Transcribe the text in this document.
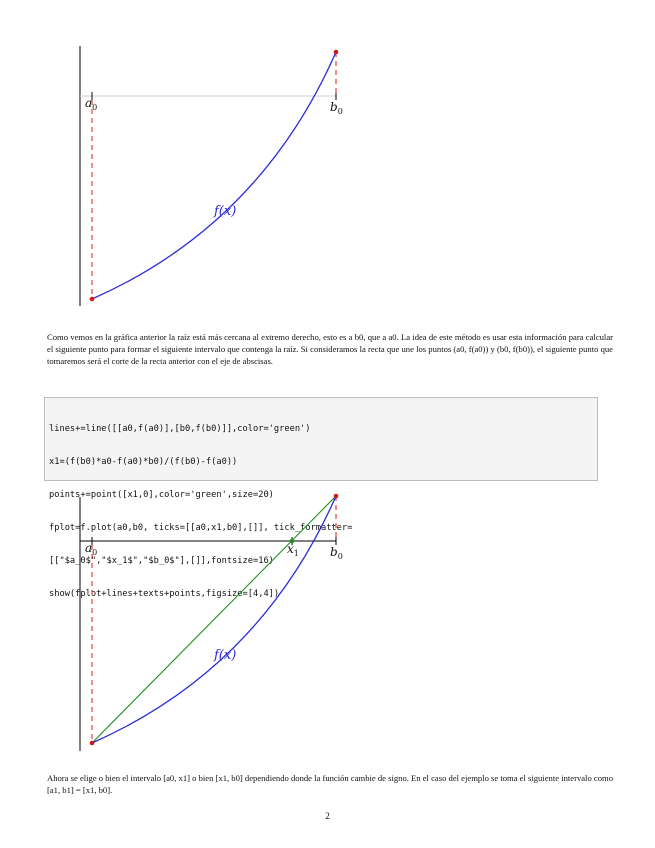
$a_0$	$b_0$
f(x)
Como vemos en la gráfica anterior la raíz está más cercana al extremo derecho, esto es a b0, que a a0. La idea de este método es usar esta información para calcular el siguiente punto para formar el siguiente intervalo que contenga la raíz. Si consideramos la recta que une los puntos (a0, f(a0)) y (b0, f(b0)), el siguiente punto que tomaremos será el corte de la recta anterior con el eje de abscisas.

lines+=line([[a0,f(a0)],[b0,f(b0)]],color='green')

x1=(f(b0)*a0-f(a0)*b0)/(f(b0)-f(a0))

points+=point([x1,0],color='green',size=20)

fplot=f.plot(a0,b0, ticks=[[a0,x1,b0],[]], tick_formatter=

[["$a_0$","$x_1$","$b_0$"],[]],fontsize=16)

show(fplot+lines+texts+points,figsize=[4,4])

$a_0$	$x_1$	$b_0$
f(x)
Ahora se elige o bien el intervalo [a0, x1] o bien [x1, b0] dependiendo donde la función cambie de signo. En el caso del ejemplo se toma el siguiente intervalo como [a1, b1] = [x1, b0].
2
